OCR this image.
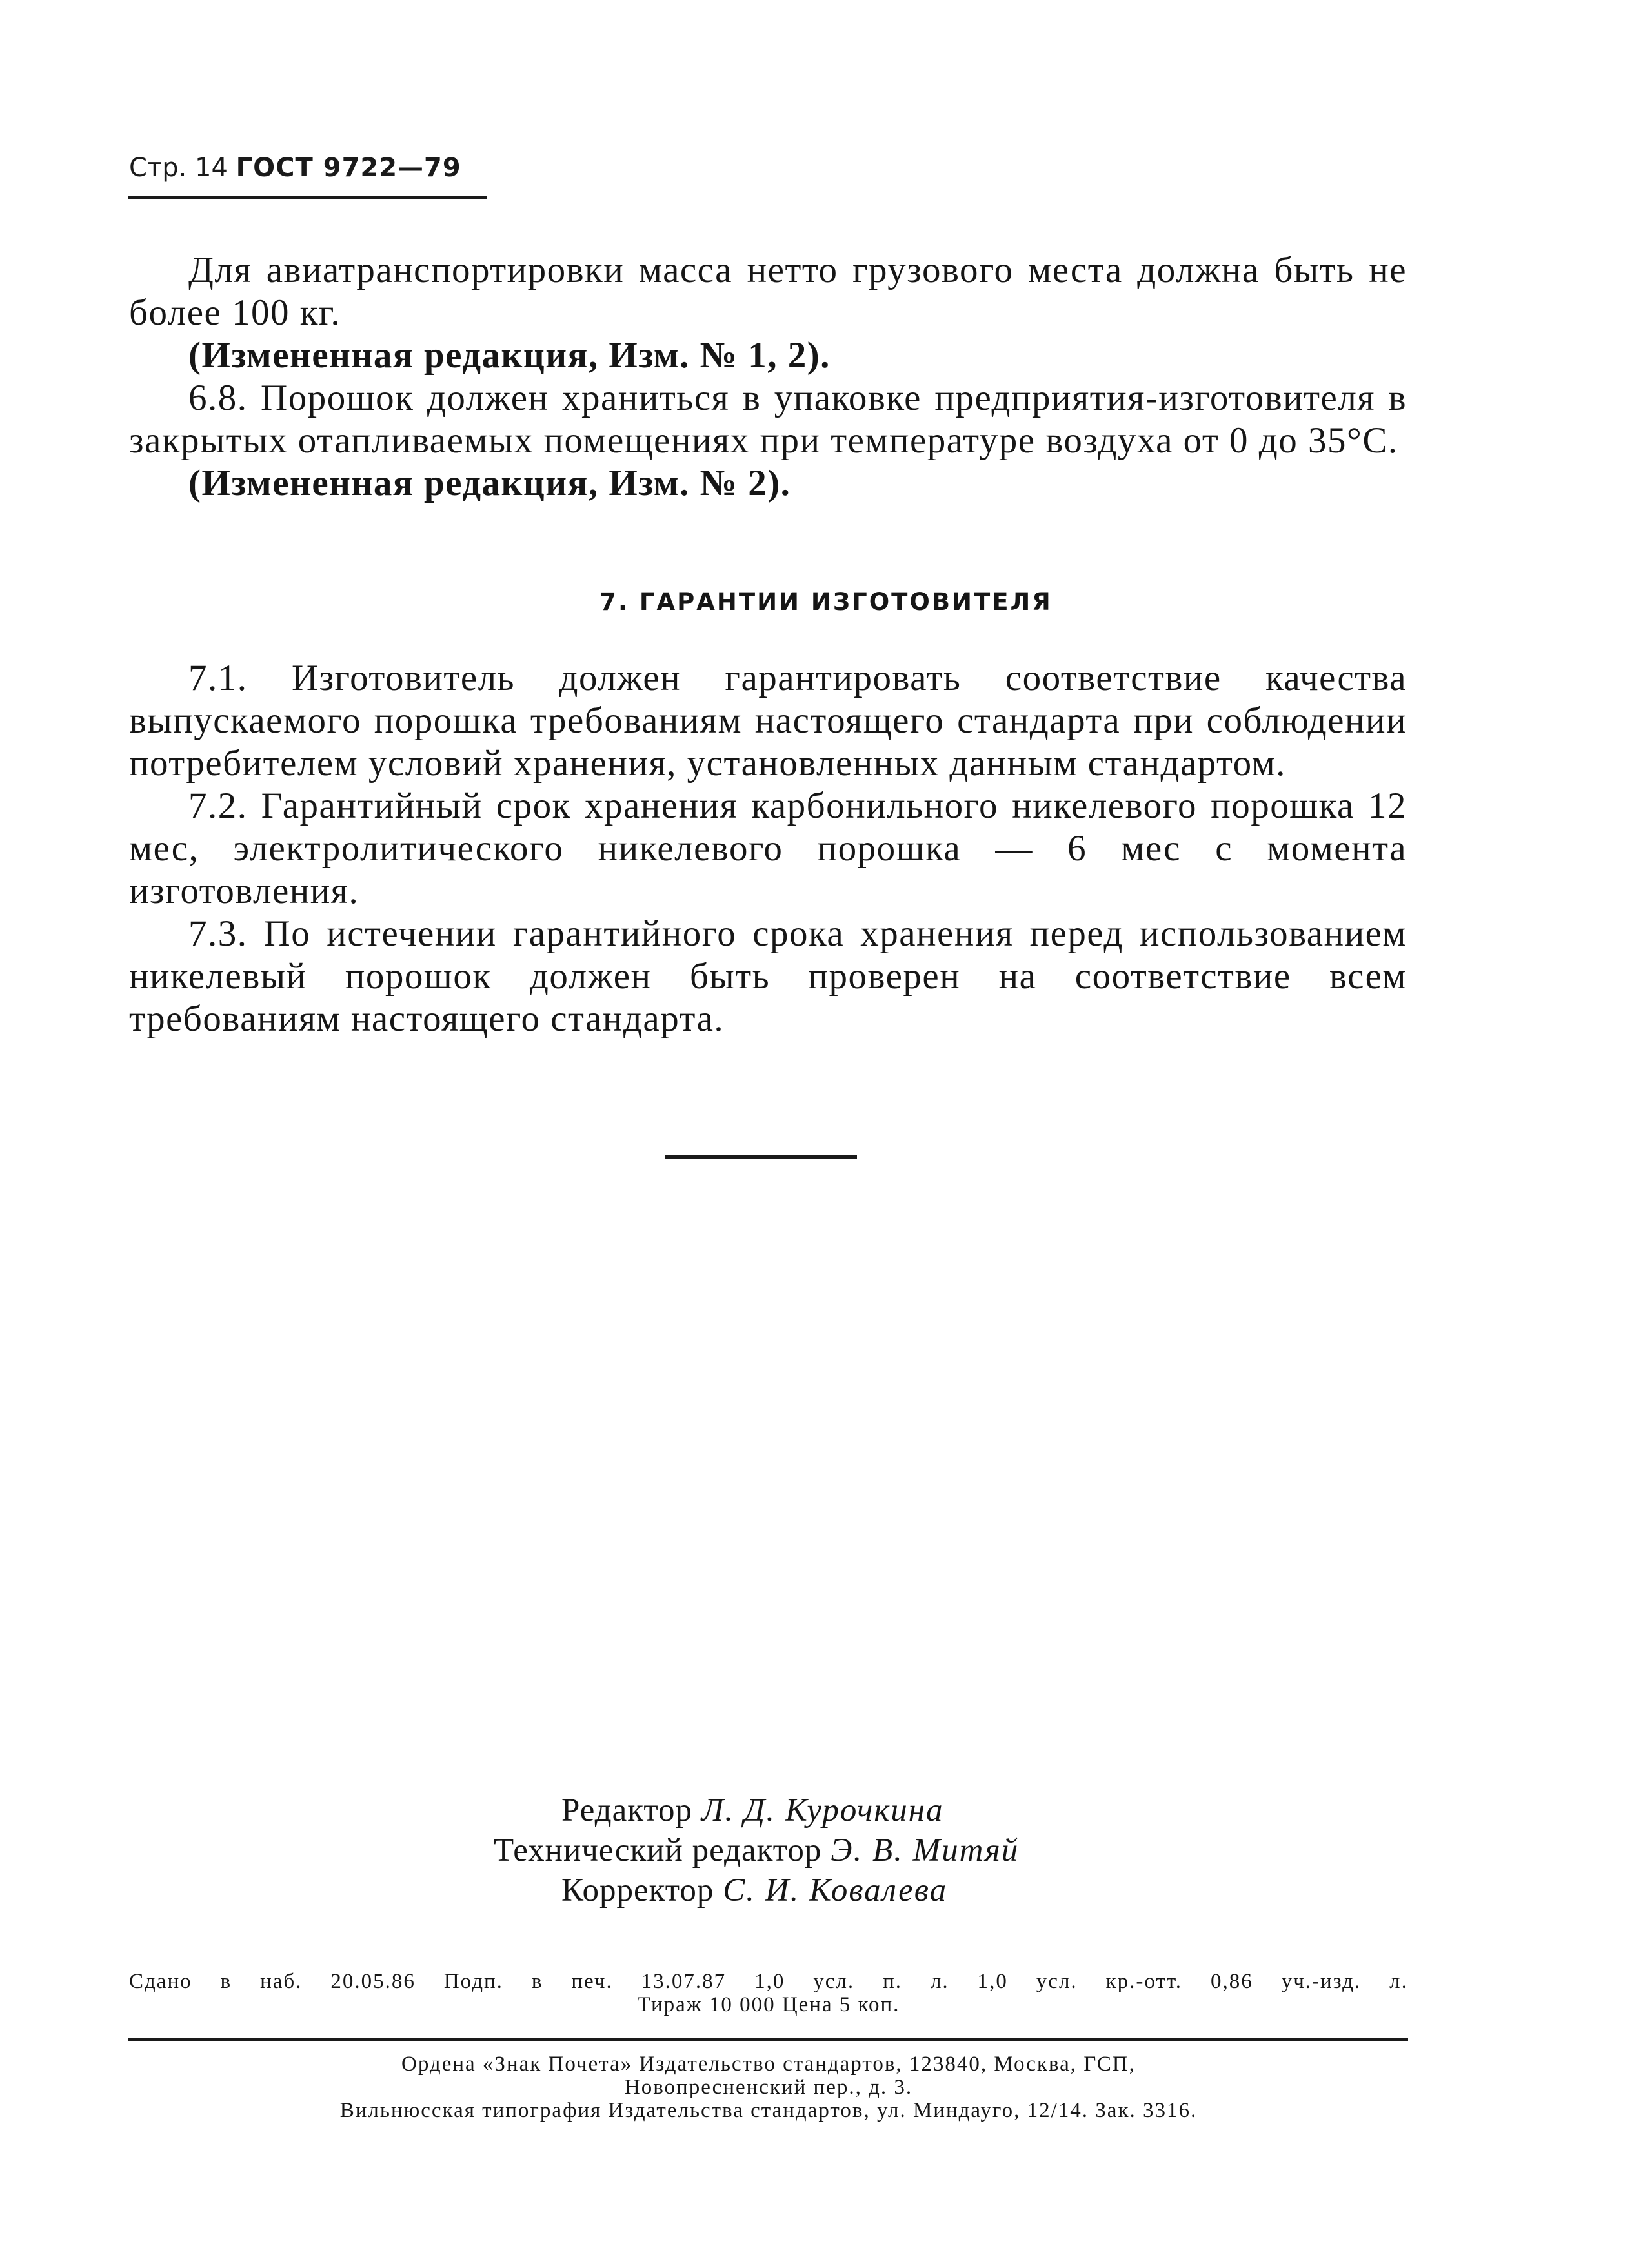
Стр. 14 ГОСТ 9722—79

Для авиатранспортировки масса нетто грузового места должна быть не более 100 кг.

(Измененная редакция, Изм. № 1, 2).

6.8. Порошок должен храниться в упаковке предприятия-изготовителя в закрытых отапливаемых помещениях при температуре воздуха от 0 до 35°С.

(Измененная редакция, Изм. № 2).

7. ГАРАНТИИ ИЗГОТОВИТЕЛЯ

7.1. Изготовитель должен гарантировать соответствие качества выпускаемого порошка требованиям настоящего стандарта при соблюдении потребителем условий хранения, установленных данным стандартом.

7.2. Гарантийный срок хранения карбонильного никелевого порошка 12 мес, электролитического никелевого порошка — 6 мес с момента изготовления.

7.3. По истечении гарантийного срока хранения перед использованием никелевый порошок должен быть проверен на соответствие всем требованиям настоящего стандарта.

Редактор Л. Д. Курочкина
Технический редактор Э. В. Митяй
Корректор С. И. Ковалева
Сдано в наб. 20.05.86 Подп. в печ. 13.07.87 1,0 усл. п. л. 1,0 усл. кр.-отт. 0,86 уч.-изд. л.
Тираж 10 000 Цена 5 коп.
Ордена «Знак Почета» Издательство стандартов, 123840, Москва, ГСП,
Новопресненский пер., д. 3.
Вильнюсская типография Издательства стандартов, ул. Миндауго, 12/14. Зак. 3316.
